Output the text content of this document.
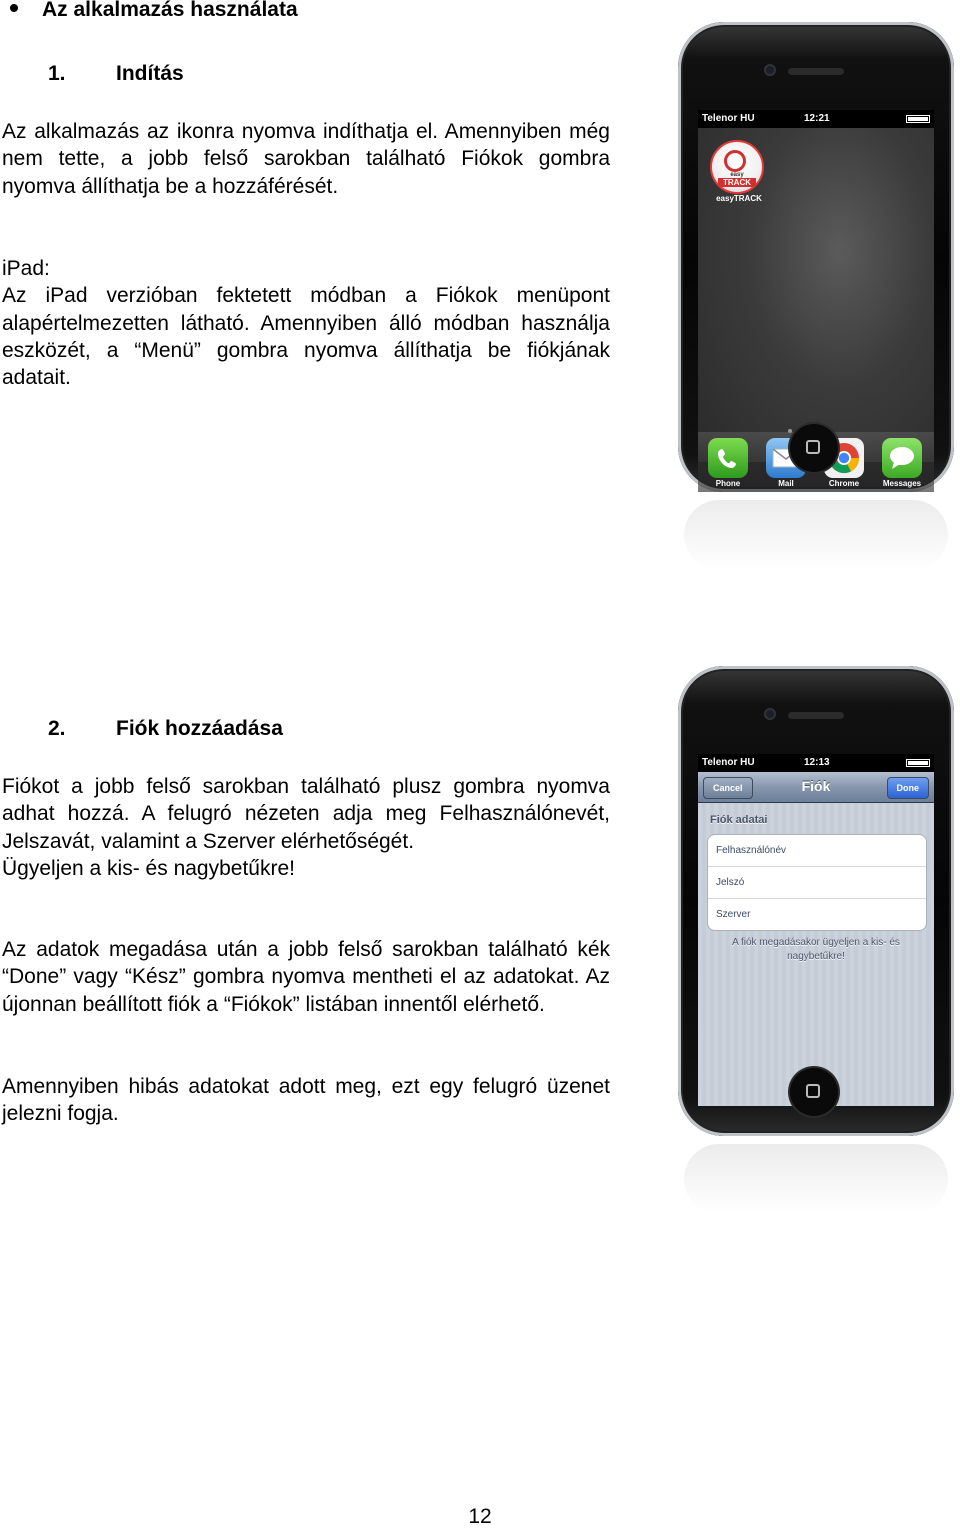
Az alkalmazás használata
1. Indítás

Az alkalmazás az ikonra nyomva indíthatja el. Amennyiben még nem tette, a jobb felső sarokban található Fiókok gombra nyomva állíthatja be a hozzáférését.

iPad:

Az iPad verzióban fektetett módban a Fiókok menüpont alapértelmezetten látható. Amennyiben álló módban használja eszközét, a “Menü” gombra nyomva állíthatja be fiókjának adatait.

2. Fiók hozzáadása

Fiókot a jobb felső sarokban található plusz gombra nyomva adhat hozzá. A felugró nézeten adja meg Felhasználónevét, Jelszavát, valamint a Szerver elérhetőségét.

Ügyeljen a kis- és nagybetűkre!

Az adatok megadása után a jobb felső sarokban található kék “Done” vagy “Kész” gombra nyomva mentheti el az adatokat. Az újonnan beállított fiók a “Fiókok” listában innentől elérhető.

Amennyiben hibás adatokat adott meg, ezt egy felugró üzenet jelezni fogja.

Telenor HU	12:21
easy
TRACK
easyTRACK
Phone	Mail	Chrome	Messages
Telenor HU	12:13
Cancel	Fiók	Done
Fiók adatai
Felhasználónév
Jelszó
Szerver
A fiók megadásakor ügyeljen a kis- és nagybetűkre!
12
